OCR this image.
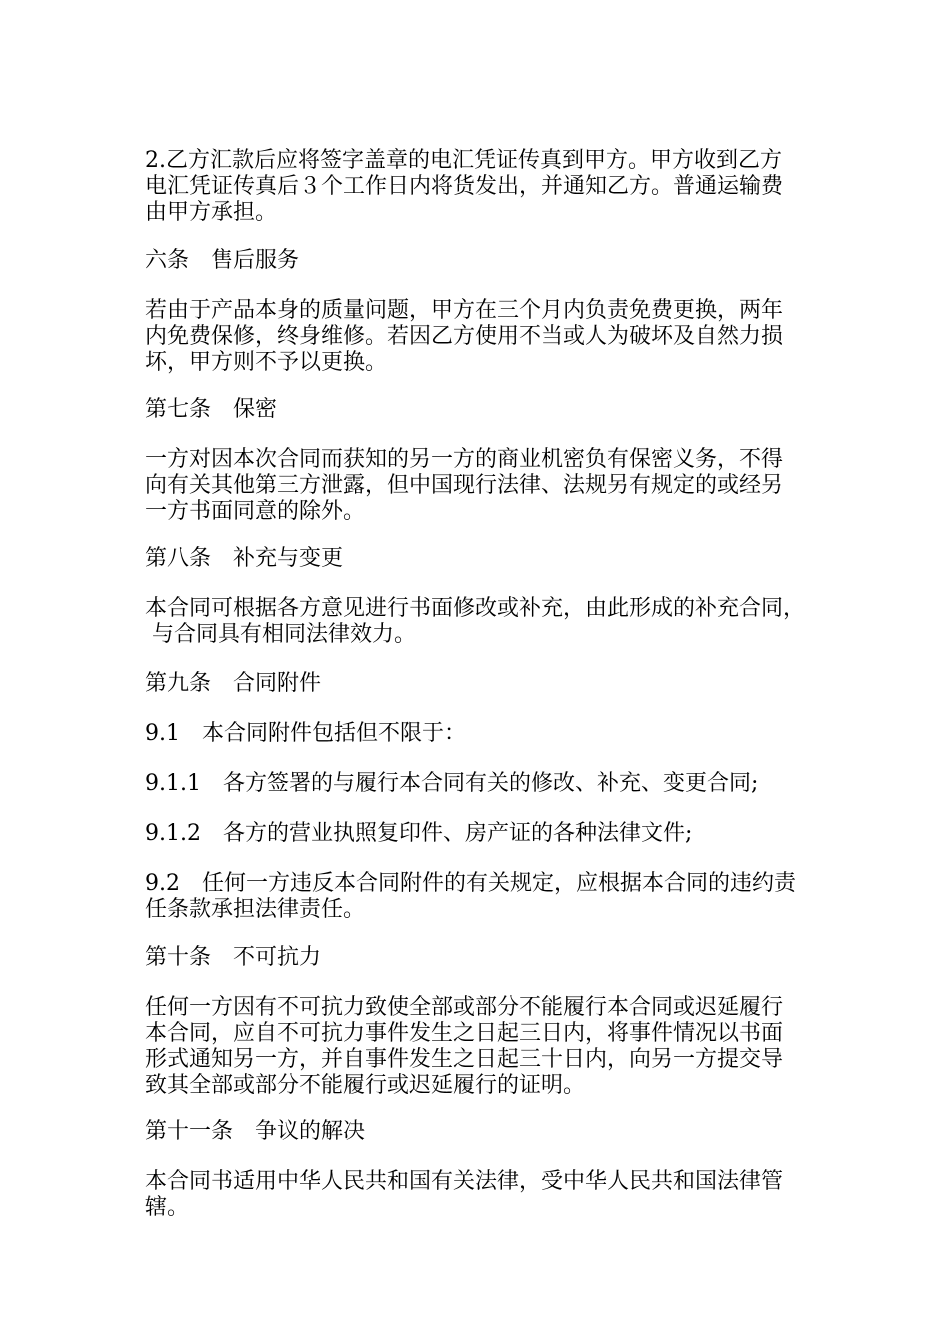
2.乙方汇款后应将签字盖章的电汇凭证传真到甲方。甲方收到乙方
电汇凭证传真后３个工作日内将货发出，并通知乙方。普通运输费
由甲方承担。

六条　售后服务

若由于产品本身的质量问题，甲方在三个月内负责免费更换，两年
内免费保修，终身维修。若因乙方使用不当或人为破坏及自然力损
坏，甲方则不予以更换。

第七条　保密

一方对因本次合同而获知的另一方的商业机密负有保密义务，不得
向有关其他第三方泄露，但中国现行法律、法规另有规定的或经另
一方书面同意的除外。

第八条　补充与变更

本合同可根据各方意见进行书面修改或补充，由此形成的补充合同，
与合同具有相同法律效力。

第九条　合同附件

9.1　本合同附件包括但不限于：

9.1.1　各方签署的与履行本合同有关的修改、补充、变更合同;

9.1.2　各方的营业执照复印件、房产证的各种法律文件;

9.2　任何一方违反本合同附件的有关规定，应根据本合同的违约责
任条款承担法律责任。

第十条　不可抗力

任何一方因有不可抗力致使全部或部分不能履行本合同或迟延履行
本合同，应自不可抗力事件发生之日起三日内，将事件情况以书面
形式通知另一方，并自事件发生之日起三十日内，向另一方提交导
致其全部或部分不能履行或迟延履行的证明。

第十一条　争议的解决

本合同书适用中华人民共和国有关法律，受中华人民共和国法律管
辖。
